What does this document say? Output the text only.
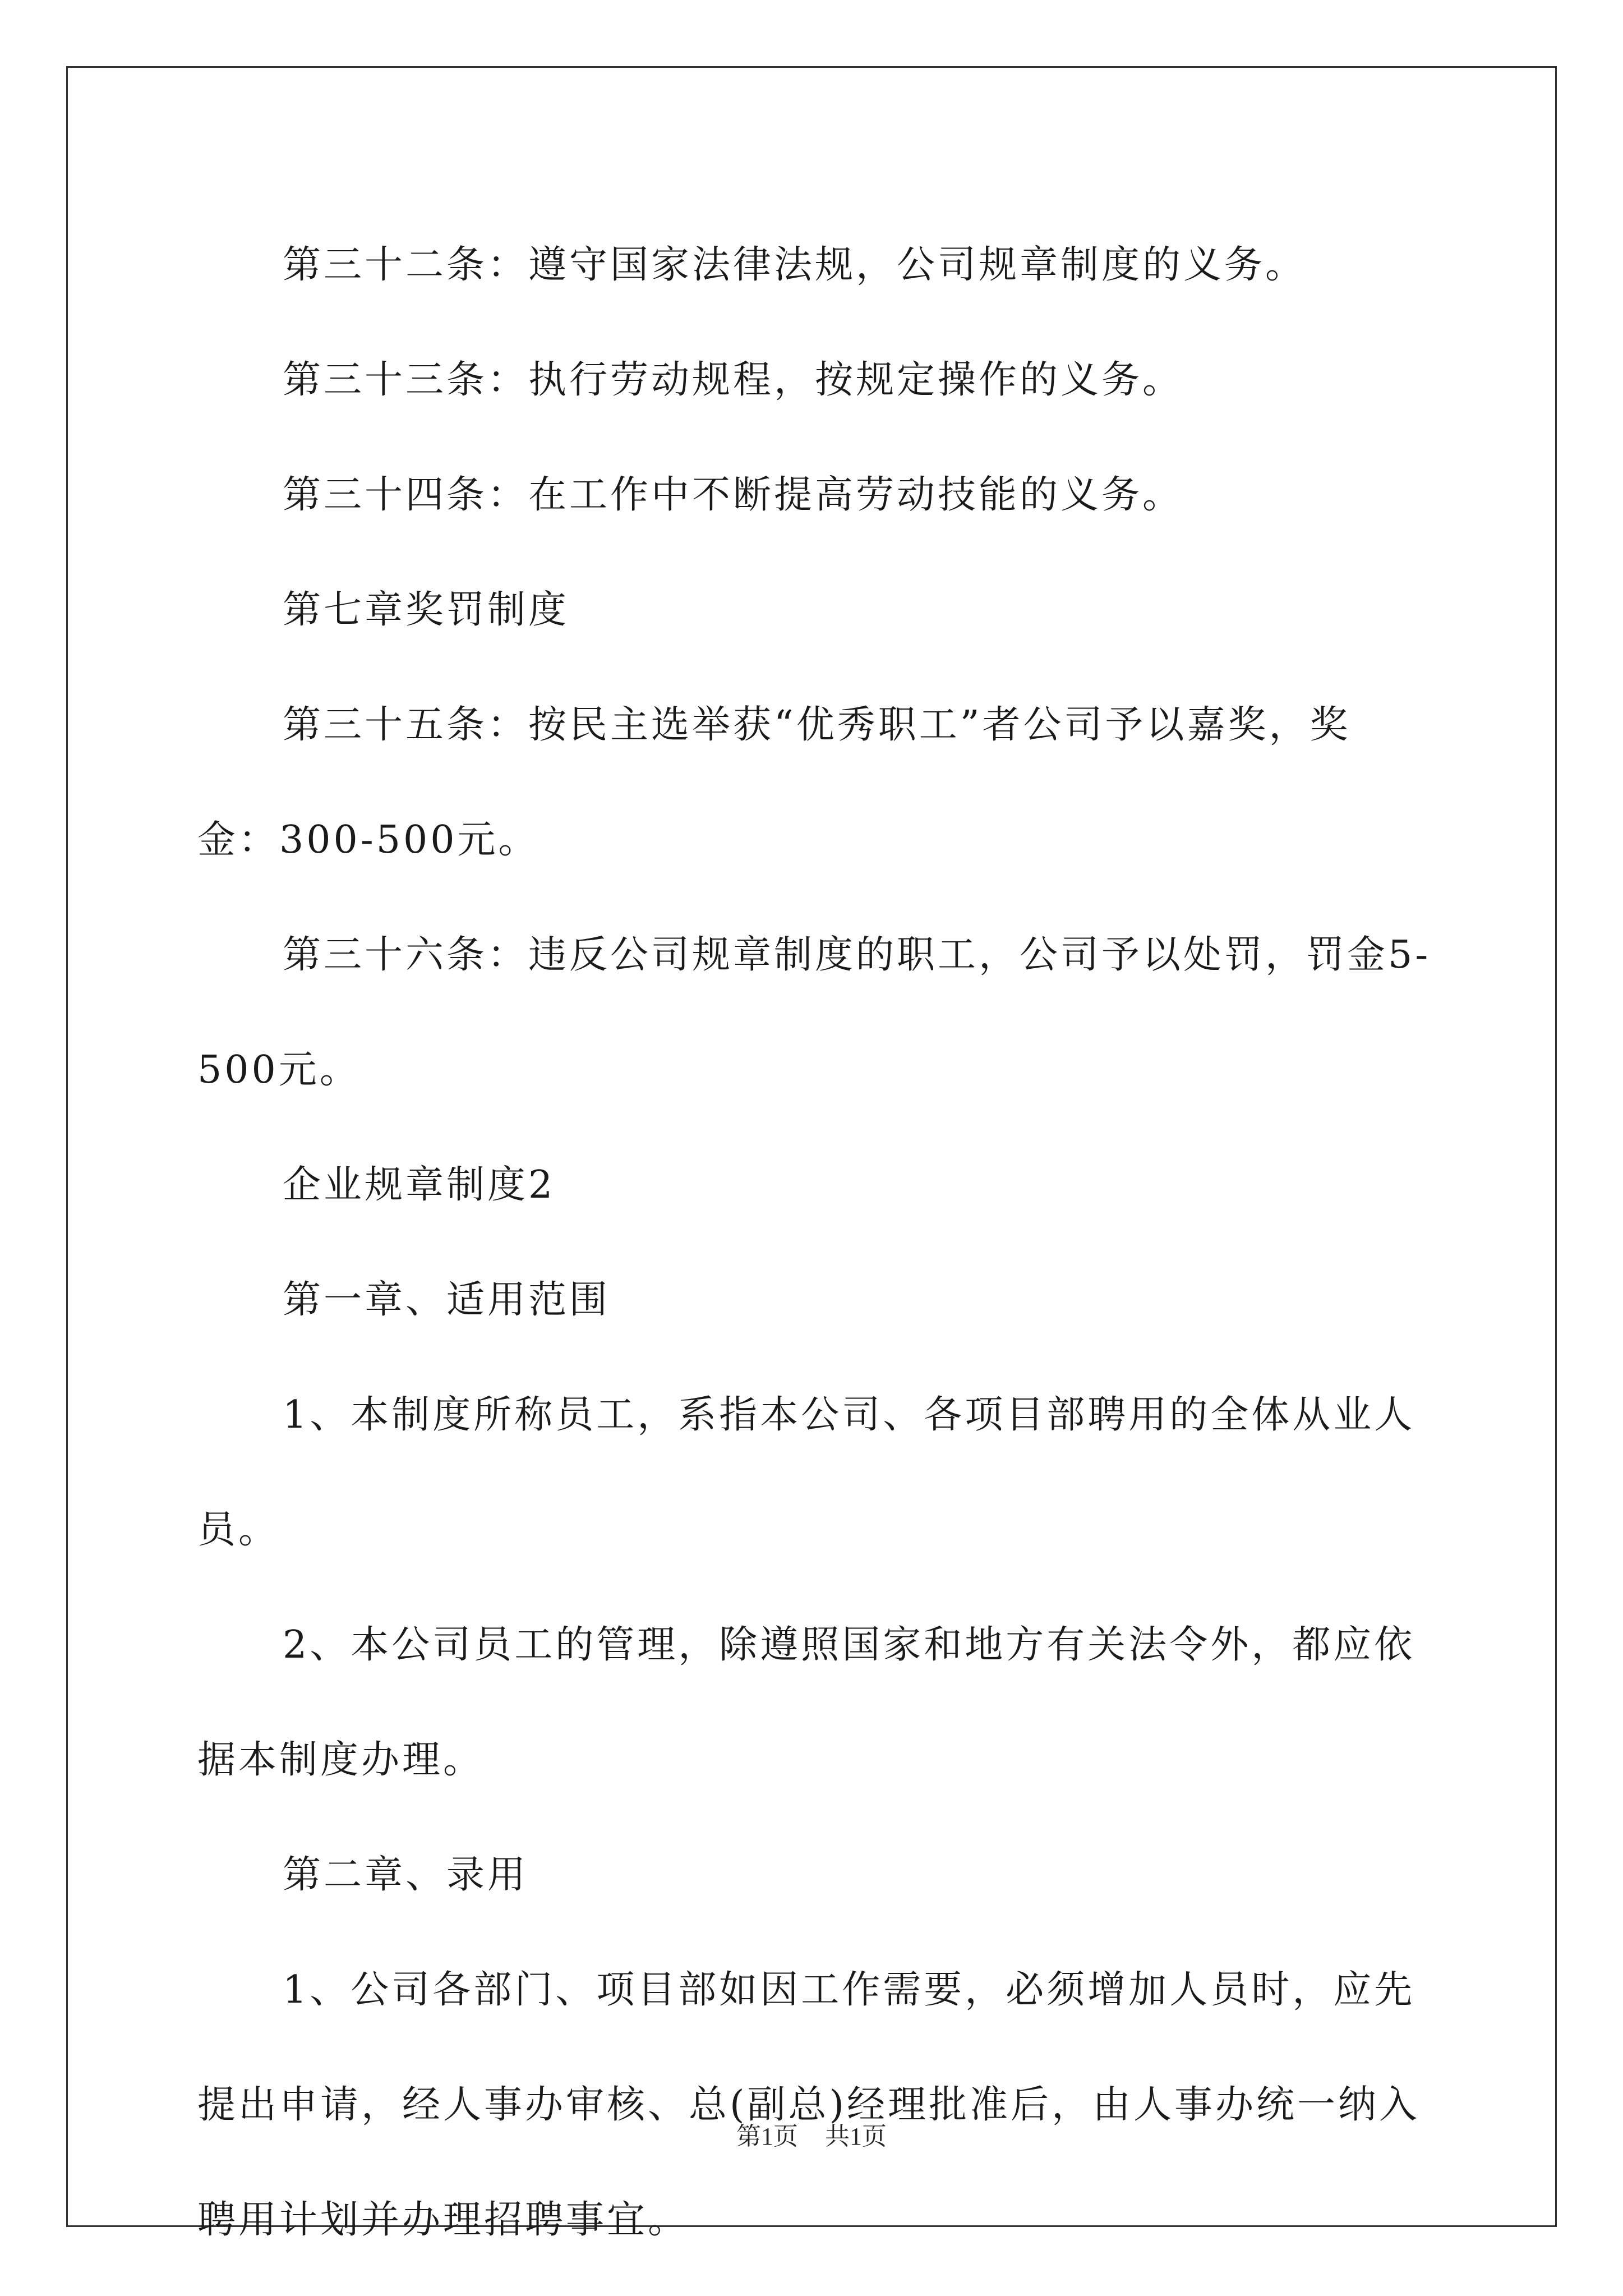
第三十二条：遵守国家法律法规，公司规章制度的义务。

第三十三条：执行劳动规程，按规定操作的义务。

第三十四条：在工作中不断提高劳动技能的义务。

第七章奖罚制度

第三十五条：按民主选举获“优秀职工”者公司予以嘉奖，奖金：300-500元。

第三十六条：违反公司规章制度的职工，公司予以处罚，罚金5-500元。

企业规章制度2

第一章、适用范围

1、本制度所称员工，系指本公司、各项目部聘用的全体从业人员。

2、本公司员工的管理，除遵照国家和地方有关法令外，都应依据本制度办理。

第二章、录用

1、公司各部门、项目部如因工作需要，必须增加人员时，应先提出申请，经人事办审核、总(副总)经理批准后，由人事办统一纳入聘用计划并办理招聘事宜。

第1页 共1页
